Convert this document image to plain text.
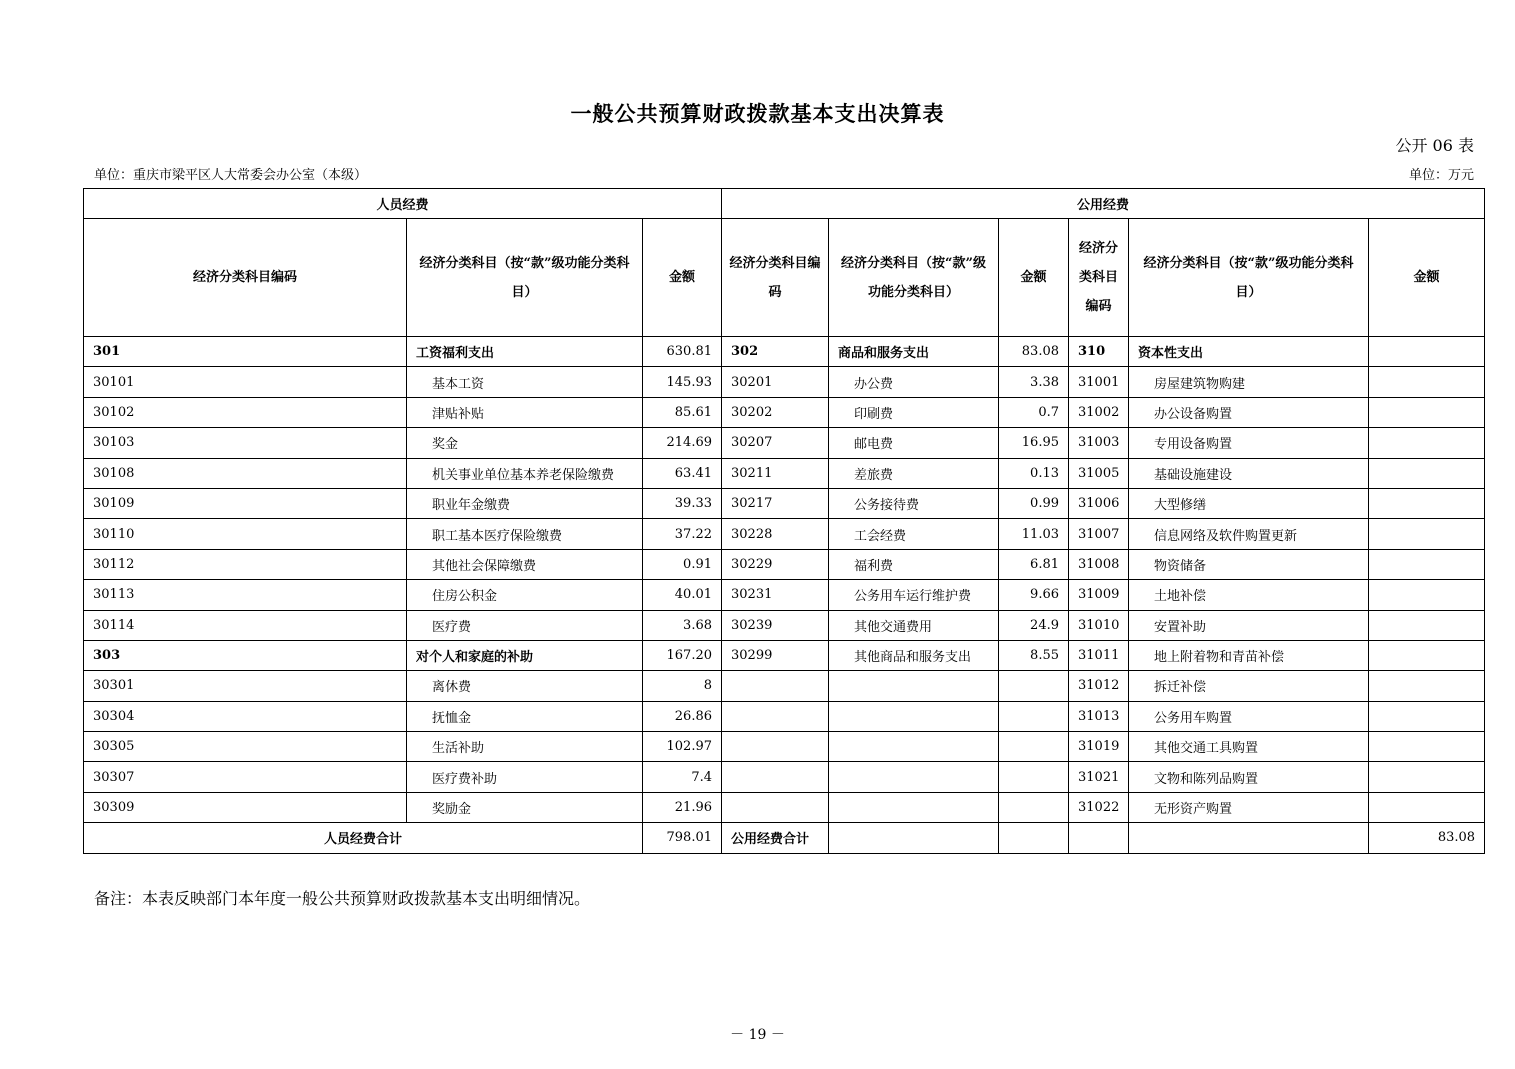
一般公共预算财政拨款基本支出决算表
公开 06 表
单位：重庆市梁平区人大常委会办公室（本级）	单位：万元
人员经费			公用经费					
经济分类科目编码	经济分类科目（按“款”级功能分类科目）	金额	经济分类科目编码	经济分类科目（按“款”级功能分类科目）	金额	经济分类科目编码	经济分类科目（按“款”级功能分类科目）	金额
301	工资福利支出	630.81	302	商品和服务支出	83.08	310	资本性支出	
30101	基本工资	145.93	30201	办公费	3.38	31001	房屋建筑物购建	
30102	津贴补贴	85.61	30202	印刷费	0.7	31002	办公设备购置	
30103	奖金	214.69	30207	邮电费	16.95	31003	专用设备购置	
30108	机关事业单位基本养老保险缴费	63.41	30211	差旅费	0.13	31005	基础设施建设	
30109	职业年金缴费	39.33	30217	公务接待费	0.99	31006	大型修缮	
30110	职工基本医疗保险缴费	37.22	30228	工会经费	11.03	31007	信息网络及软件购置更新	
30112	其他社会保障缴费	0.91	30229	福利费	6.81	31008	物资储备	
30113	住房公积金	40.01	30231	公务用车运行维护费	9.66	31009	土地补偿	
30114	医疗费	3.68	30239	其他交通费用	24.9	31010	安置补助	
303	对个人和家庭的补助	167.20	30299	其他商品和服务支出	8.55	31011	地上附着物和青苗补偿	
30301	离休费	8				31012	拆迁补偿	
30304	抚恤金	26.86				31013	公务用车购置	
30305	生活补助	102.97				31019	其他交通工具购置	
30307	医疗费补助	7.4				31021	文物和陈列品购置	
30309	奖励金	21.96				31022	无形资产购置	
人员经费合计		798.01	公用经费合计					83.08
备注：本表反映部门本年度一般公共预算财政拨款基本支出明细情况。
－ 19 －
